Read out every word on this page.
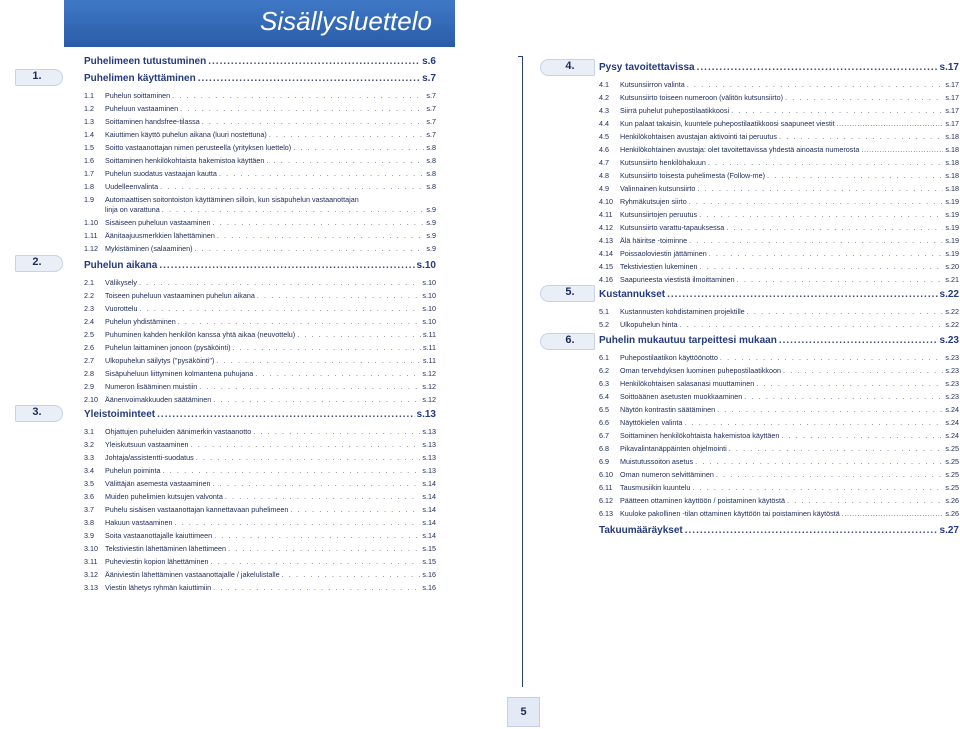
Sisällysluettelo
1.
2.
3.
4.
5.
6.
Puhelimeen tutustuminen .....	s.6
Puhelimen käyttäminen .....	s.7
1.1	Puhelun soittaminen . . .	s.7
1.2	Puheluun vastaaminen . . .	s.7
1.3	Soittaminen handsfree-tilassa . . .	s.7
1.4	Kaiuttimen käyttö puhelun aikana (luuri nostettuna) . . .	s.7
1.5	Soitto vastaanottajan nimen perusteella (yrityksen luettelo) . . .	s.8
1.6	Soittaminen henkilökohtaista hakemistoa käyttäen . . .	s.8
1.7	Puhelun suodatus vastaajan kautta . . .	s.8
1.8	Uudelleenvalinta . . .	s.8
1.9	Automaattisen soitontoiston käyttäminen silloin, kun sisäpuhelun vastaanottajan
linja on varattuna . . .	s.9
1.10 Sisäiseen puheluun vastaaminen . . .	s.9
1.11	Äänitaajuusmerkkien lähettäminen . . .	s.9
1.12 Mykistäminen (salaaminen) . . .	s.9
Puhelun aikana .....	s.10
2.1	Välikysely . . .	s.10
2.2	Toiseen puheluun vastaaminen puhelun aikana . . .	s.10
2.3	Vuorottelu . . .	s.10
2.4	Puhelun yhdistäminen . . .	s.10
2.5	Puhuminen kahden henkilön kanssa yhtä aikaa (neuvottelu) . . .	s.11
2.6	Puhelun laittaminen jonoon (pysäköinti) . . .	s.11
2.7	Ulkopuhelun säilytys ("pysäköinti") . . .	s.11
2.8	Sisäpuheluun liittyminen kolmantena puhujana . . .	s.12
2.9	Numeron lisääminen muistiin . . .	s.12
2.10 Äänenvoimakkuuden säätäminen . . .	s.12
Yleistoiminteet .....	s.13
3.1	Ohjattujen puheluiden äänimerkin vastaanotto . . .	s.13
3.2	Yleiskutsuun vastaaminen . . .	s.13
3.3	Johtaja/assistentti-suodatus . . .	s.13
3.4	Puhelun poiminta . . .	s.13
3.5	Välittäjän asemesta vastaaminen . . .	s.14
3.6	Muiden puhelimien kutsujen valvonta . . .	s.14
3.7	Puhelu sisäisen vastaanottajan kannettavaan puhelimeen . . .	s.14
3.8	Hakuun vastaaminen . . .	s.14
3.9	Soita vastaanottajalle kaiuttimeen . . .	s.14
3.10 Tekstiviestin lähettäminen lähettimeen . . .	s.15
3.11	Puheviestin kopion lähettäminen . . .	s.15
3.12 Ääniviestin lähettäminen vastaanottajalle / jakelulistalle . . .	s.16
3.13 Viestin lähetys ryhmän kaiuttimiin . . .	s.16
Pysy tavoitettavissa .....	s.17
4.1	Kutsunsiirron valinta . . .	s.17
4.2	Kutsunsiirto toiseen numeroon (välitön kutsunsiirto) . . .	s.17
4.3	Siirrä puhelut puhepostilaatikkoosi . . .	s.17
4.4	Kun palaat takaisin, kuuntele puhepostilaatikkoosi saapuneet viestit .....	s.17
4.5	Henkilökohtaisen avustajan aktivointi tai peruutus . . .	s.18
4.6	Henkilökohtainen avustaja: olet tavoitettavissa yhdestä ainoasta numerosta .....	s.18
4.7	Kutsunsiirto henkilöhakuun . . .	s.18
4.8	Kutsunsiirto toisesta puhelimesta (Follow-me) . . .	s.18
4.9	Valinnainen kutsunsiirto . . .	s.18
4.10 Ryhmäkutsujen siirto . . .	s.19
4.11	Kutsunsiirtojen peruutus . . .	s.19
4.12 Kutsunsiirto varattu-tapauksessa . . .	s.19
4.13 Älä häiritse -toiminne . . .	s.19
4.14 Poissaoloviestin jättäminen . . .	s.19
4.15 Tekstiviestien lukeminen . . .	s.20
4.16 Saapuneesta viestistä ilmoittaminen . . .	s.21
Kustannukset .....	s.22
5.1	Kustannusten kohdistaminen projektille . . .	s.22
5.2	Ulkopuhelun hinta . . .	s.22
Puhelin mukautuu tarpeittesi mukaan .....	s.23
6.1	Puhepostilaatikon käyttöönotto . . .	s.23
6.2	Oman tervehdyksen luominen puhepostilaatikkoon . . .	s.23
6.3	Henkilökohtaisen salasanasi muuttaminen . . .	s.23
6.4	Soittoäänen asetusten muokkaaminen . . .	s.23
6.5	Näytön kontrastin säätäminen . . .	s.24
6.6	Näyttökielen valinta . . .	s.24
6.7	Soittaminen henkilökohtaista hakemistoa käyttäen . . .	s.24
6.8	Pikavalintanäppäinten ohjelmointi . . .	s.25
6.9	Muistutussoiton asetus . . .	s.25
6.10 Oman numeron selvittäminen . . .	s.25
6.11	Tausmusiikin kuuntelu . . .	s.25
6.12 Päätteen ottaminen käyttöön / poistaminen käytöstä . . .	s.26
6.13 Kuuloke pakollinen -tilan ottaminen käyttöön tai poistaminen käytöstä .....	s.26
Takuumääräykset .....	s.27
5
